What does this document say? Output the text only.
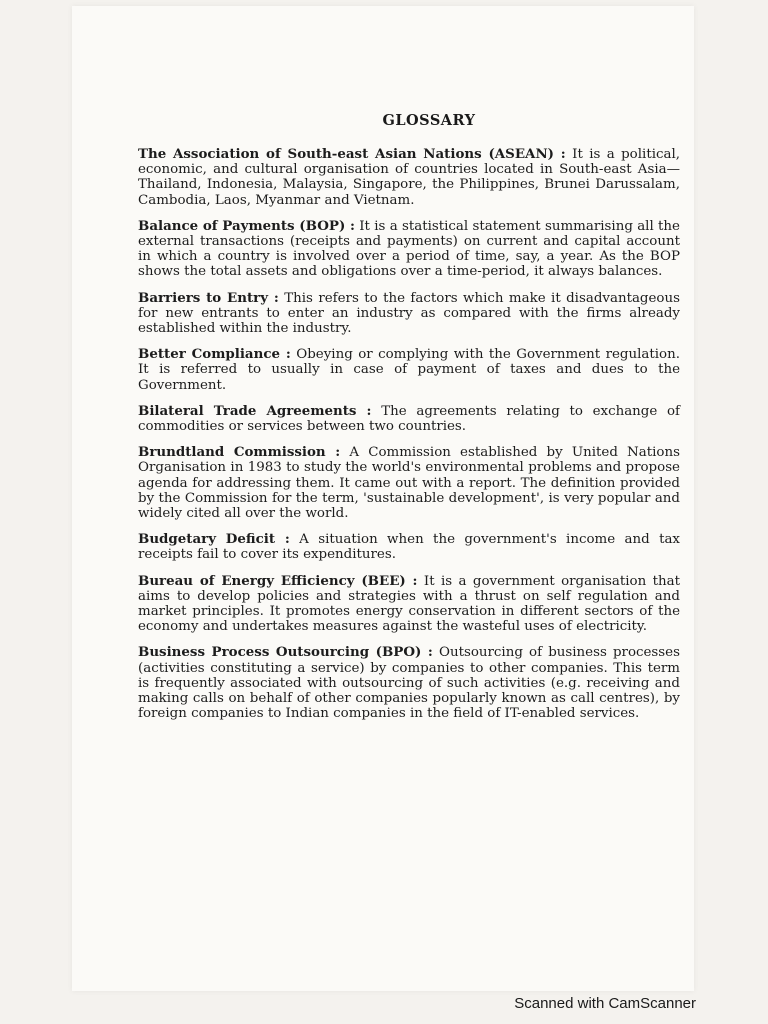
GLOSSARY

The Association of South-east Asian Nations (ASEAN) : It is a political, economic, and cultural organisation of countries located in South-east Asia—Thailand, Indonesia, Malaysia, Singapore, the Philippines, Brunei Darussalam, Cambodia, Laos, Myanmar and Vietnam.

Balance of Payments (BOP) : It is a statistical statement summarising all the external transactions (receipts and payments) on current and capital account in which a country is involved over a period of time, say, a year. As the BOP shows the total assets and obligations over a time-period, it always balances.

Barriers to Entry : This refers to the factors which make it disadvantageous for new entrants to enter an industry as compared with the firms already established within the industry.

Better Compliance : Obeying or complying with the Government regulation. It is referred to usually in case of payment of taxes and dues to the Government.

Bilateral Trade Agreements : The agreements relating to exchange of commodities or services between two countries.

Brundtland Commission : A Commission established by United Nations Organisation in 1983 to study the world's environmental problems and propose agenda for addressing them. It came out with a report. The definition provided by the Commission for the term, 'sustainable development', is very popular and widely cited all over the world.

Budgetary Deficit : A situation when the government's income and tax receipts fail to cover its expenditures.

Bureau of Energy Efficiency (BEE) : It is a government organisation that aims to develop policies and strategies with a thrust on self regulation and market principles. It promotes energy conservation in different sectors of the economy and undertakes measures against the wasteful uses of electricity.

Business Process Outsourcing (BPO) : Outsourcing of business processes (activities constituting a service) by companies to other companies. This term is frequently associated with outsourcing of such activities (e.g. receiving and making calls on behalf of other companies popularly known as call centres), by foreign companies to Indian companies in the field of IT-enabled services.

Scanned with CamScanner
